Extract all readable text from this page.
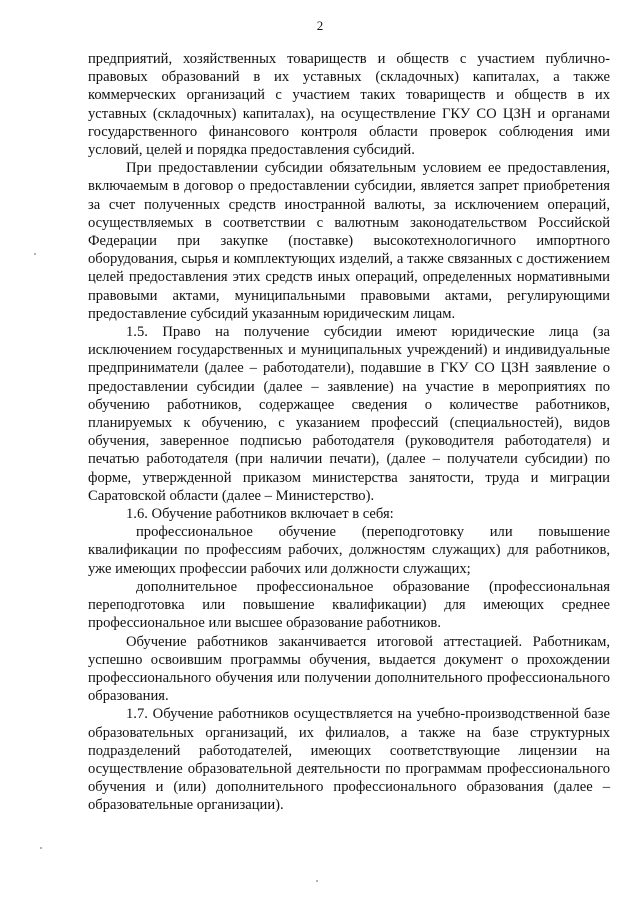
2

предприятий, хозяйственных товариществ и обществ с участием публично-правовых образований в их уставных (складочных) капиталах, а также коммерческих организаций с участием таких товариществ и обществ в их уставных (складочных) капиталах), на осуществление ГКУ СО ЦЗН и органами государственного финансового контроля области проверок соблюдения ими условий, целей и порядка предоставления субсидий.

При предоставлении субсидии обязательным условием ее предоставления, включаемым в договор о предоставлении субсидии, является запрет приобретения за счет полученных средств иностранной валюты, за исключением операций, осуществляемых в соответствии с валютным законодательством Российской Федерации при закупке (поставке) высокотехнологичного импортного оборудования, сырья и комплектующих изделий, а также связанных с достижением целей предоставления этих средств иных операций, определенных нормативными правовыми актами, муниципальными правовыми актами, регулирующими предоставление субсидий указанным юридическим лицам.

1.5. Право на получение субсидии имеют юридические лица (за исключением государственных и муниципальных учреждений) и индивидуальные предприниматели (далее – работодатели), подавшие в ГКУ СО ЦЗН заявление о предоставлении субсидии (далее – заявление) на участие в мероприятиях по обучению работников, содержащее сведения о количестве работников, планируемых к обучению, с указанием профессий (специальностей), видов обучения, заверенное подписью работодателя (руководителя работодателя) и печатью работодателя (при наличии печати), (далее – получатели субсидии) по форме, утвержденной приказом министерства занятости, труда и миграции Саратовской области (далее – Министерство).

1.6. Обучение работников включает в себя:

профессиональное обучение (переподготовку или повышение квалификации по профессиям рабочих, должностям служащих) для работников, уже имеющих профессии рабочих или должности служащих;

дополнительное профессиональное образование (профессиональная переподготовка или повышение квалификации) для имеющих среднее профессиональное или высшее образование работников.

Обучение работников заканчивается итоговой аттестацией. Работникам, успешно освоившим программы обучения, выдается документ о прохождении профессионального обучения или получении дополнительного профессионального образования.

1.7. Обучение работников осуществляется на учебно-производственной базе образовательных организаций, их филиалов, а также на базе структурных подразделений работодателей, имеющих соответствующие лицензии на осуществление образовательной деятельности по программам профессионального обучения и (или) дополнительного профессионального образования (далее – образовательные организации).
